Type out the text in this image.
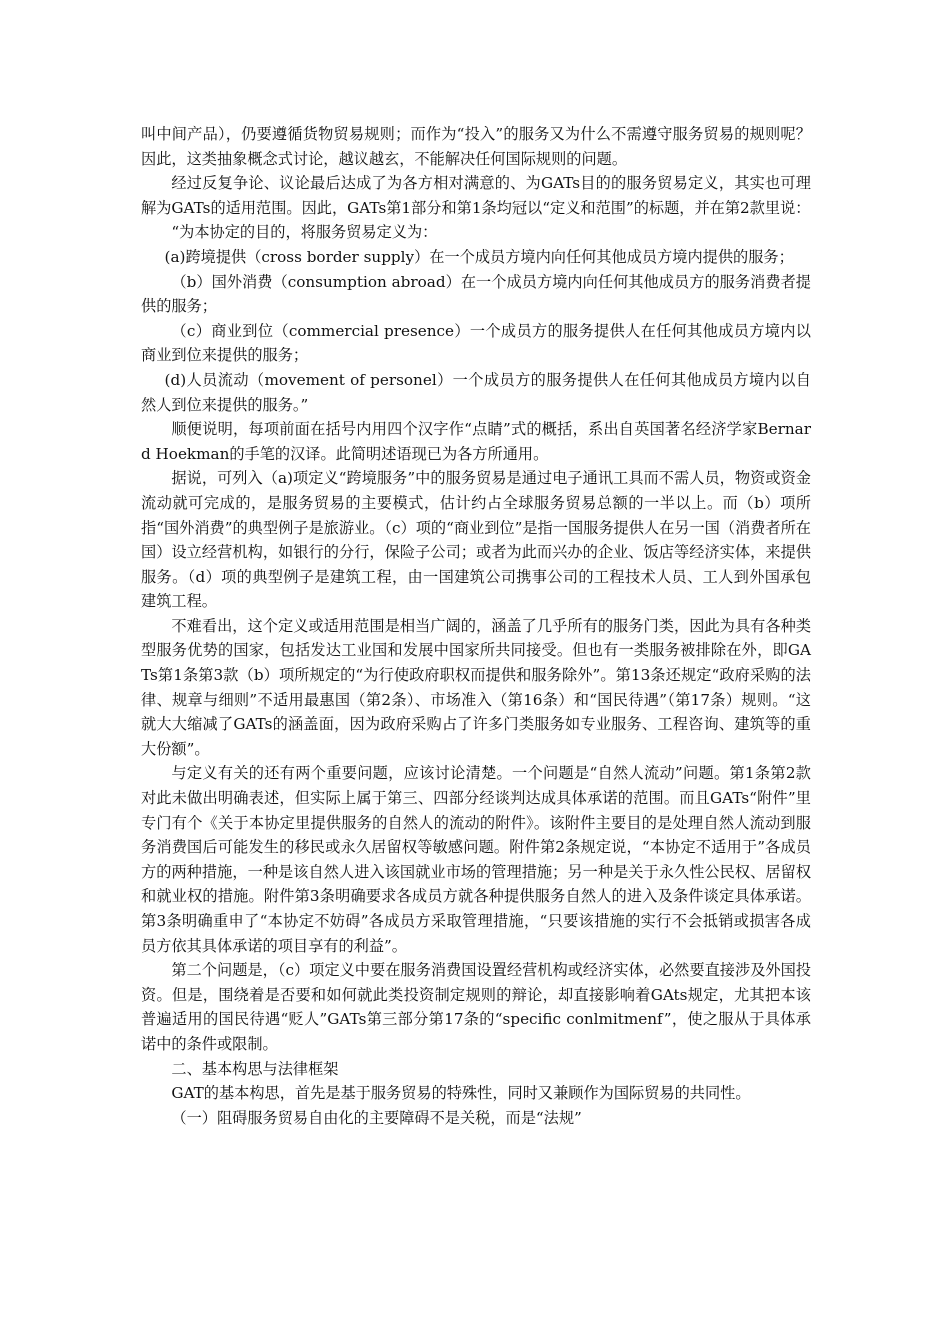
叫中间产品），仍要遵循货物贸易规则；而作为“投入”的服务又为什么不需遵守服务贸易的规则呢？因此，这类抽象概念式讨论，越议越玄，不能解决任何国际规则的问题。

经过反复争论、议论最后达成了为各方相对满意的、为GATs目的的服务贸易定义，其实也可理解为GATs的适用范围。因此，GATs第1部分和第1条均冠以“定义和范围”的标题，并在第2款里说：

“为本协定的目的，将服务贸易定义为：

(a)跨境提供（cross border supply）在一个成员方境内向任何其他成员方境内提供的服务；

（b）国外消费（consumption abroad）在一个成员方境内向任何其他成员方的服务消费者提供的服务；

（c）商业到位（commercial presence）一个成员方的服务提供人在任何其他成员方境内以商业到位来提供的服务；

(d)人员流动（movement of personel）一个成员方的服务提供人在任何其他成员方境内以自然人到位来提供的服务。”

顺便说明，每项前面在括号内用四个汉字作“点睛”式的概括，系出自英国著名经济学家Bernard Hoekman的手笔的汉译。此简明述语现已为各方所通用。

据说，可列入（a)项定义“跨境服务”中的服务贸易是通过电子通讯工具而不需人员，物资或资金流动就可完成的，是服务贸易的主要模式，估计约占全球服务贸易总额的一半以上。而（b）项所指“国外消费”的典型例子是旅游业。（c）项的“商业到位”是指一国服务提供人在另一国（消费者所在国）设立经营机构，如银行的分行，保险子公司；或者为此而兴办的企业、饭店等经济实体，来提供服务。（d）项的典型例子是建筑工程，由一国建筑公司携事公司的工程技术人员、工人到外国承包建筑工程。

不难看出，这个定义或适用范围是相当广阔的，涵盖了几乎所有的服务门类，因此为具有各种类型服务优势的国家，包括发达工业国和发展中国家所共同接受。但也有一类服务被排除在外，即GATs第1条第3款（b）项所规定的“为行使政府职权而提供和服务除外”。第13条还规定“政府采购的法律、规章与细则”不适用最惠国（第2条）、市场准入（第16条）和“国民待遇”（第17条）规则。“这就大大缩减了GATs的涵盖面，因为政府采购占了许多门类服务如专业服务、工程咨询、建筑等的重大份额”。

与定义有关的还有两个重要问题，应该讨论清楚。一个问题是“自然人流动”问题。第1条第2款对此未做出明确表述，但实际上属于第三、四部分经谈判达成具体承诺的范围。而且GATs“附件”里专门有个《关于本协定里提供服务的自然人的流动的附件》。该附件主要目的是处理自然人流动到服务消费国后可能发生的移民或永久居留权等敏感问题。附件第2条规定说，“本协定不适用于”各成员方的两种措施，一种是该自然人进入该国就业市场的管理措施；另一种是关于永久性公民权、居留权和就业权的措施。附件第3条明确要求各成员方就各种提供服务自然人的进入及条件谈定具体承诺。第3条明确重申了“本协定不妨碍”各成员方采取管理措施，“只要该措施的实行不会抵销或损害各成员方依其具体承诺的项目享有的利益”。

第二个问题是，（c）项定义中要在服务消费国设置经营机构或经济实体，必然要直接涉及外国投资。但是，围绕着是否要和如何就此类投资制定规则的辩论，却直接影响着GAts规定，尤其把本该普遍适用的国民待遇“贬人”GATs第三部分第17条的“specific conlmitmenf”，使之服从于具体承诺中的条件或限制。

二、基本构思与法律框架

GAT的基本构思，首先是基于服务贸易的特殊性，同时又兼顾作为国际贸易的共同性。

（一）阻碍服务贸易自由化的主要障碍不是关税，而是“法规”
